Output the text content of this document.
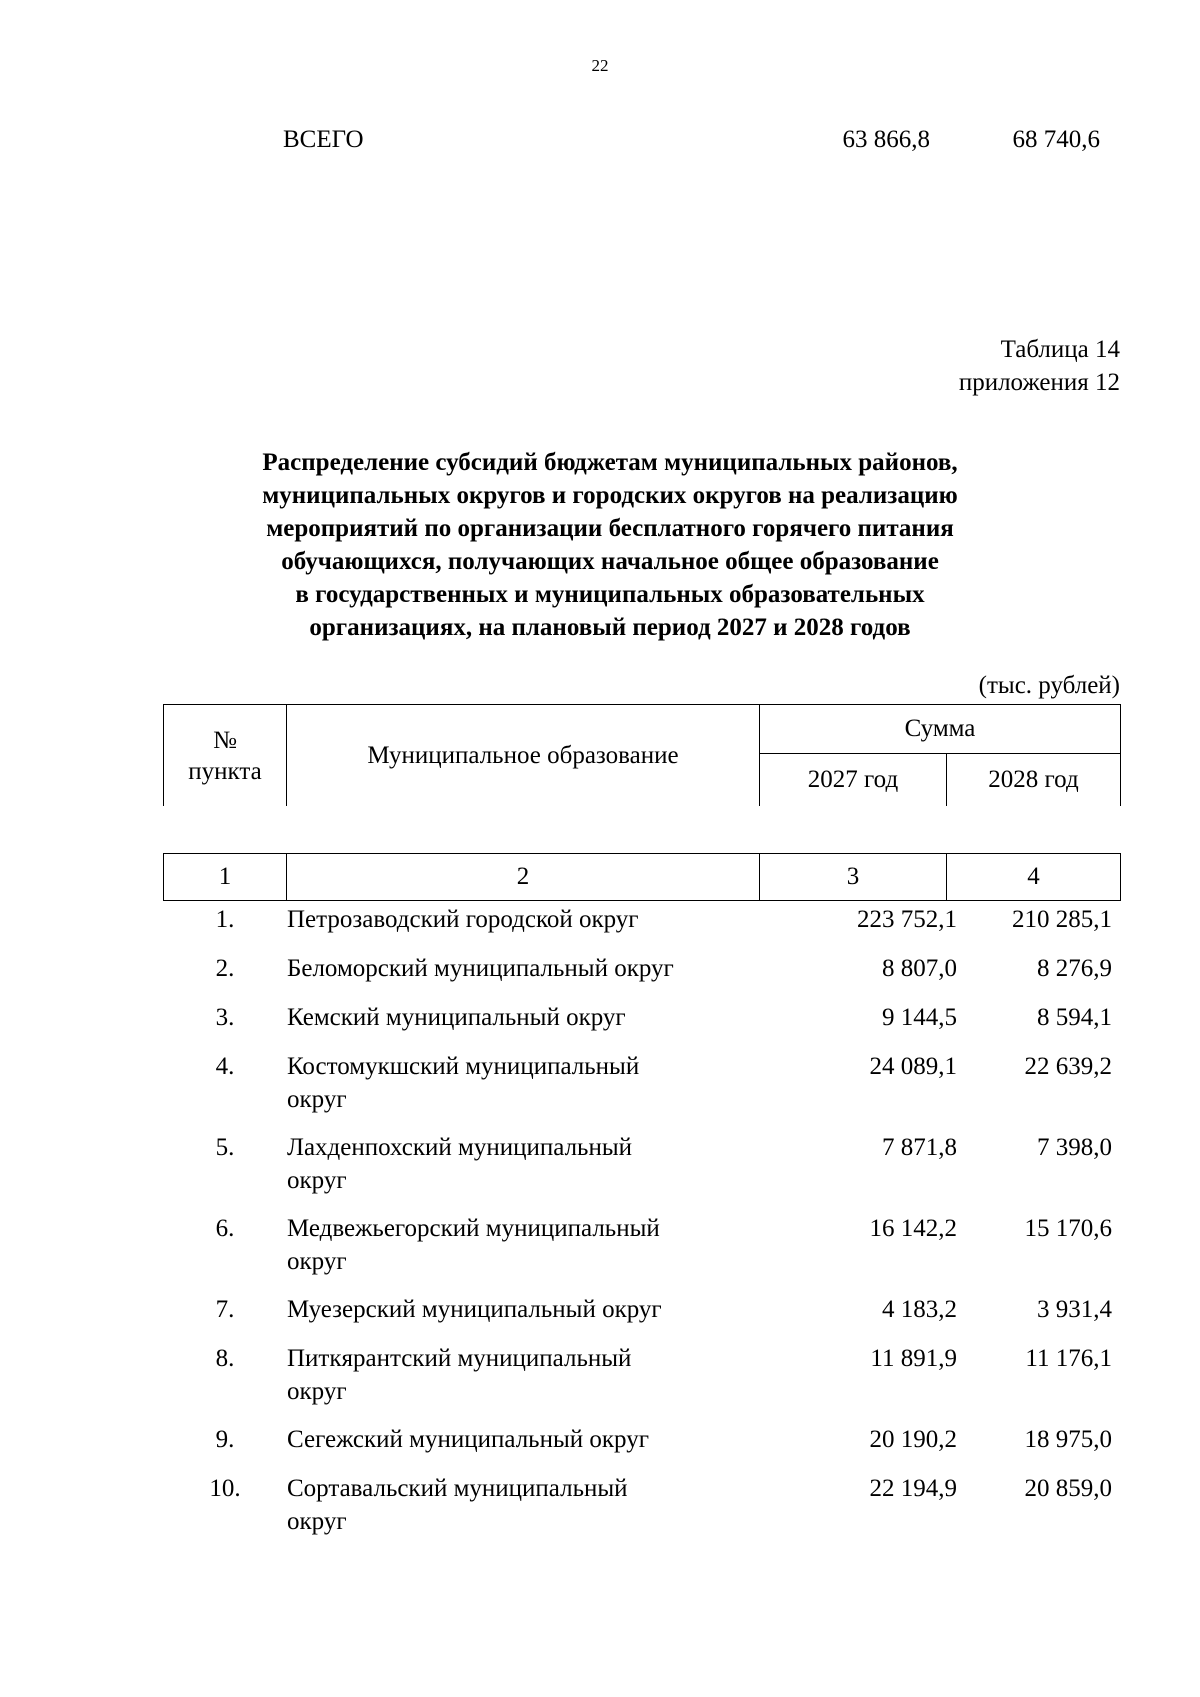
22
ВСЕГО	63 866,8	68 740,6
Таблица 14
приложения 12
Распределение субсидий бюджетам муниципальных районов,
муниципальных округов и городских округов на реализацию
мероприятий по организации бесплатного горячего питания
обучающихся, получающих начальное общее образование
в государственных и муниципальных образовательных
организациях, на плановый период 2027 и 2028 годов
(тыс. рублей)
№
пункта	Муниципальное образование	Сумма	
		2027 год	2028 год
1	2	3	4
1.	Петрозаводский городской округ	223 752,1	210 285,1
2.	Беломорский муниципальный округ	8 807,0	8 276,9
3.	Кемский муниципальный округ	9 144,5	8 594,1
4.	Костомукшский муниципальный
округ
24 089,1	22 639,2
5.	Лахденпохский муниципальный
округ
7 871,8	7 398,0
6.	Медвежьегорский муниципальный
округ
16 142,2	15 170,6
7.	Муезерский муниципальный округ	4 183,2	3 931,4
8.	Питкярантский муниципальный
округ
11 891,9	11 176,1
9.	Сегежский муниципальный округ	20 190,2	18 975,0
10.	Сортавальский муниципальный
округ
22 194,9	20 859,0
